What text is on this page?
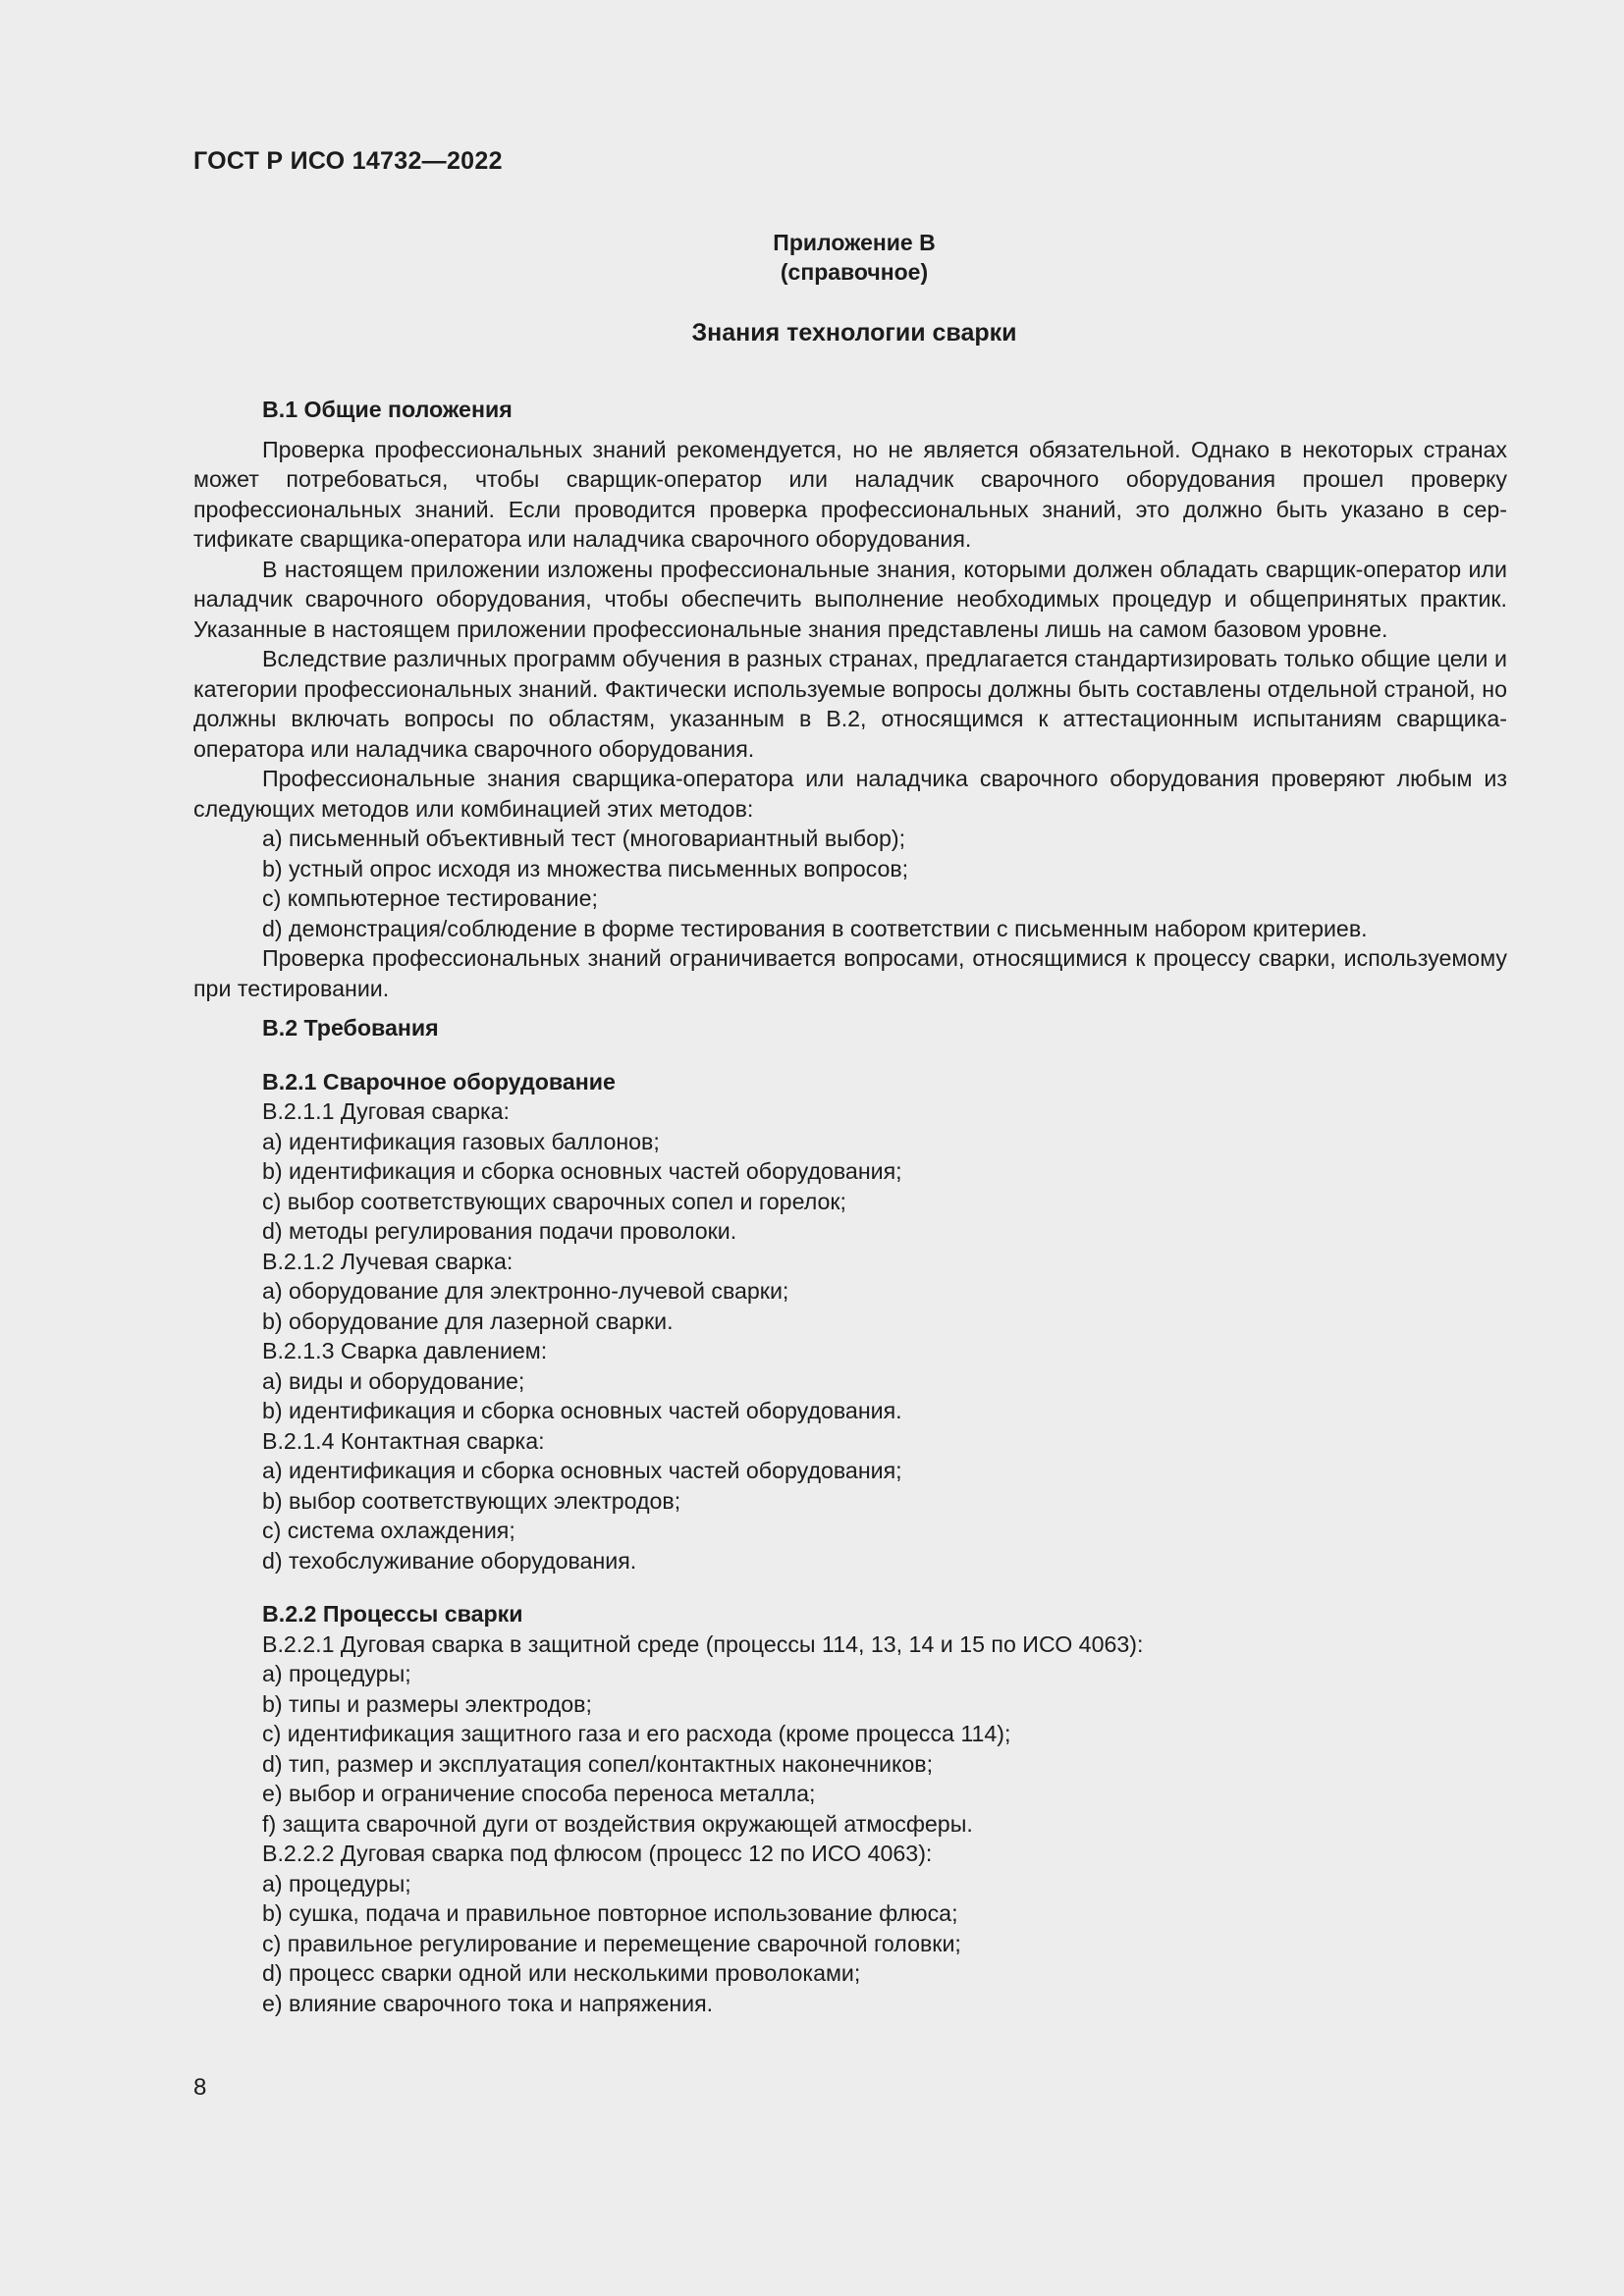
ГОСТ Р ИСО 14732—2022
Приложение В
(справочное)
Знания технологии сварки
В.1 Общие положения

Проверка профессиональных знаний рекомендуется, но не является обязательной. Однако в некоторых странах может потребоваться, чтобы сварщик-оператор или наладчик сварочного оборудования прошел проверку профессиональных знаний. Если проводится проверка профессиональных знаний, это должно быть указано в сертификате сварщика-оператора или наладчика сварочного оборудования.

В настоящем приложении изложены профессиональные знания, которыми должен обладать сварщик-оператор или наладчик сварочного оборудования, чтобы обеспечить выполнение необходимых процедур и общепринятых практик. Указанные в настоящем приложении профессиональные знания представлены лишь на самом базовом уровне.

Вследствие различных программ обучения в разных странах, предлагается стандартизировать только общие цели и категории профессиональных знаний. Фактически используемые вопросы должны быть составлены отдельной страной, но должны включать вопросы по областям, указанным в В.2, относящимся к аттестационным испытаниям сварщика-оператора или наладчика сварочного оборудования.

Профессиональные знания сварщика-оператора или наладчика сварочного оборудования проверяют любым из следующих методов или комбинацией этих методов:

a) письменный объективный тест (многовариантный выбор);
b) устный опрос исходя из множества письменных вопросов;
c) компьютерное тестирование;
d) демонстрация/соблюдение в форме тестирования в соответствии с письменным набором критериев.

Проверка профессиональных знаний ограничивается вопросами, относящимися к процессу сварки, используемому при тестировании.

В.2 Требования
В.2.1 Сварочное оборудование
В.2.1.1 Дуговая сварка:
a) идентификация газовых баллонов;
b) идентификация и сборка основных частей оборудования;
c) выбор соответствующих сварочных сопел и горелок;
d) методы регулирования подачи проволоки.
В.2.1.2 Лучевая сварка:
a) оборудование для электронно-лучевой сварки;
b) оборудование для лазерной сварки.
В.2.1.3 Сварка давлением:
a) виды и оборудование;
b) идентификация и сборка основных частей оборудования.
В.2.1.4 Контактная сварка:
a) идентификация и сборка основных частей оборудования;
b) выбор соответствующих электродов;
c) система охлаждения;
d) техобслуживание оборудования.
В.2.2 Процессы сварки
В.2.2.1 Дуговая сварка в защитной среде (процессы 114, 13, 14 и 15 по ИСО 4063):
a) процедуры;
b) типы и размеры электродов;
c) идентификация защитного газа и его расхода (кроме процесса 114);
d) тип, размер и эксплуатация сопел/контактных наконечников;
e) выбор и ограничение способа переноса металла;
f) защита сварочной дуги от воздействия окружающей атмосферы.
В.2.2.2 Дуговая сварка под флюсом (процесс 12 по ИСО 4063):
a) процедуры;
b) сушка, подача и правильное повторное использование флюса;
c) правильное регулирование и перемещение сварочной головки;
d) процесс сварки одной или несколькими проволоками;
e) влияние сварочного тока и напряжения.
8
